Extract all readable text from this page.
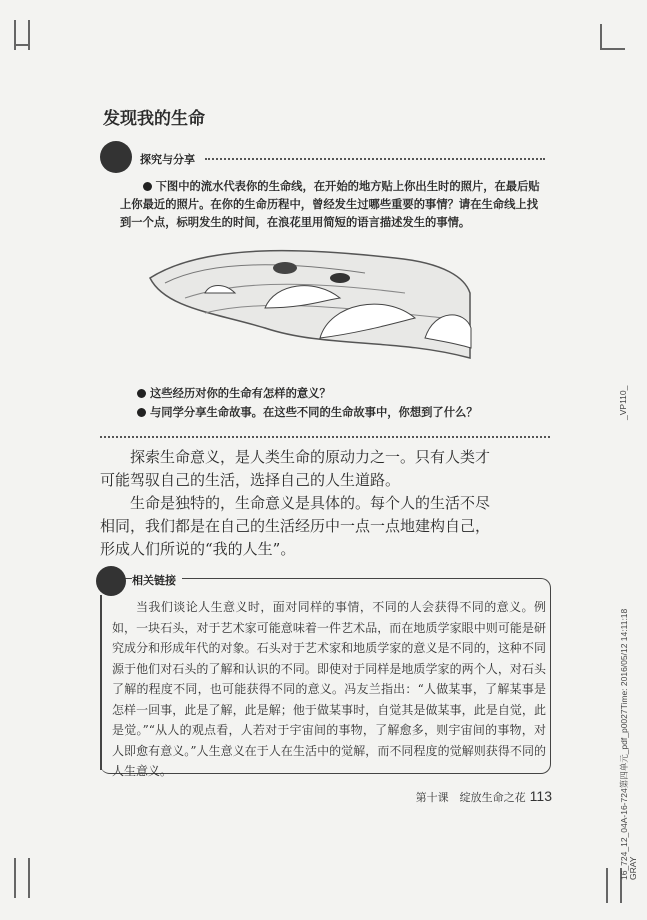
发现我的生命
探究与分享
下图中的流水代表你的生命线，在开始的地方贴上你出生时的照片，在最后贴上你最近的照片。在你的生命历程中，曾经发生过哪些重要的事情？请在生命线上找到一个点，标明发生的时间，在浪花里用简短的语言描述发生的事情。
这些经历对你的生命有怎样的意义？
与同学分享生命故事。在这些不同的生命故事中，你想到了什么？

探索生命意义，是人类生命的原动力之一。只有人类才可能驾驭自己的生活，选择自己的人生道路。

生命是独特的，生命意义是具体的。每个人的生活不尽相同，我们都是在自己的生活经历中一点一点地建构自己，形成人们所说的“我的人生”。

相关链接
当我们谈论人生意义时，面对同样的事情，不同的人会获得不同的意义。例如，一块石头，对于艺术家可能意味着一件艺术品，而在地质学家眼中则可能是研究成分和形成年代的对象。石头对于艺术家和地质学家的意义是不同的，这种不同源于他们对石头的了解和认识的不同。即使对于同样是地质学家的两个人，对石头了解的程度不同，也可能获得不同的意义。冯友兰指出：“人做某事，了解某事是怎样一回事，此是了解，此是解；他于做某事时，自觉其是做某事，此是自觉，此是觉。”“从人的观点看，人若对于宇宙间的事物，了解愈多，则宇宙间的事物，对人即愈有意义。”人生意义在于人在生活中的觉解，而不同程度的觉解则获得不同的人生意义。
第十课　绽放生命之花 113
_VP110_
16_724_12_04A-16-724第四单元_pdf_p0027Time: 2016/05/12 14:11:18 GRAY
